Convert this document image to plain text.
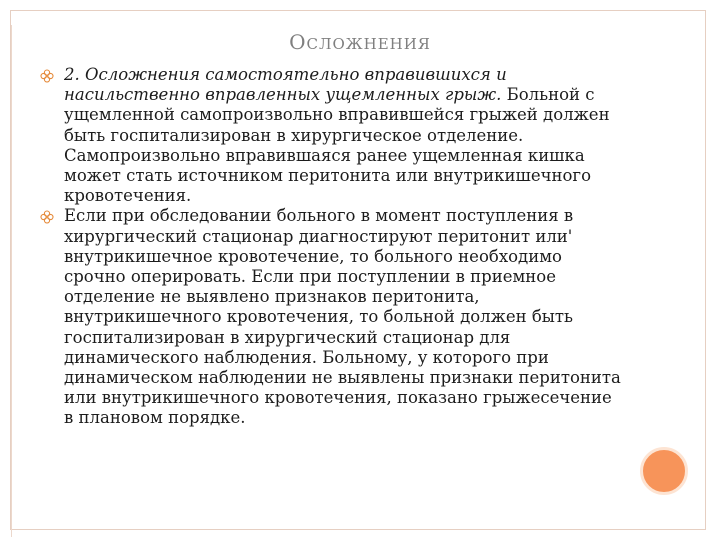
ОСЛОЖНЕНИЯ
2. Осложнения самостоятельно вправившихся и насильственно вправленных ущемленных грыж. Больной с ущемленной самопроизвольно вправившейся грыжей должен быть госпитализирован в хирургическое отделение. Самопроизвольно вправившаяся ранее ущемленная кишка может стать источником перитонита или внутрикишечного кровотечения.
Если при обследовании больного в момент поступления в хирургический стационар диагностируют перитонит или' внутрикишечное кровотечение, то больного необходимо срочно оперировать. Если при поступлении в приемное отделение не выявлено признаков перитонита, внутрикишечного кровотечения, то больной должен быть госпитализирован в хирургический стационар для динамического наблюдения. Больному, у которого при динамическом наблюдении не выявлены признаки перитонита или внутрикишечного кровотечения, показано грыжесечение в плановом порядке.
